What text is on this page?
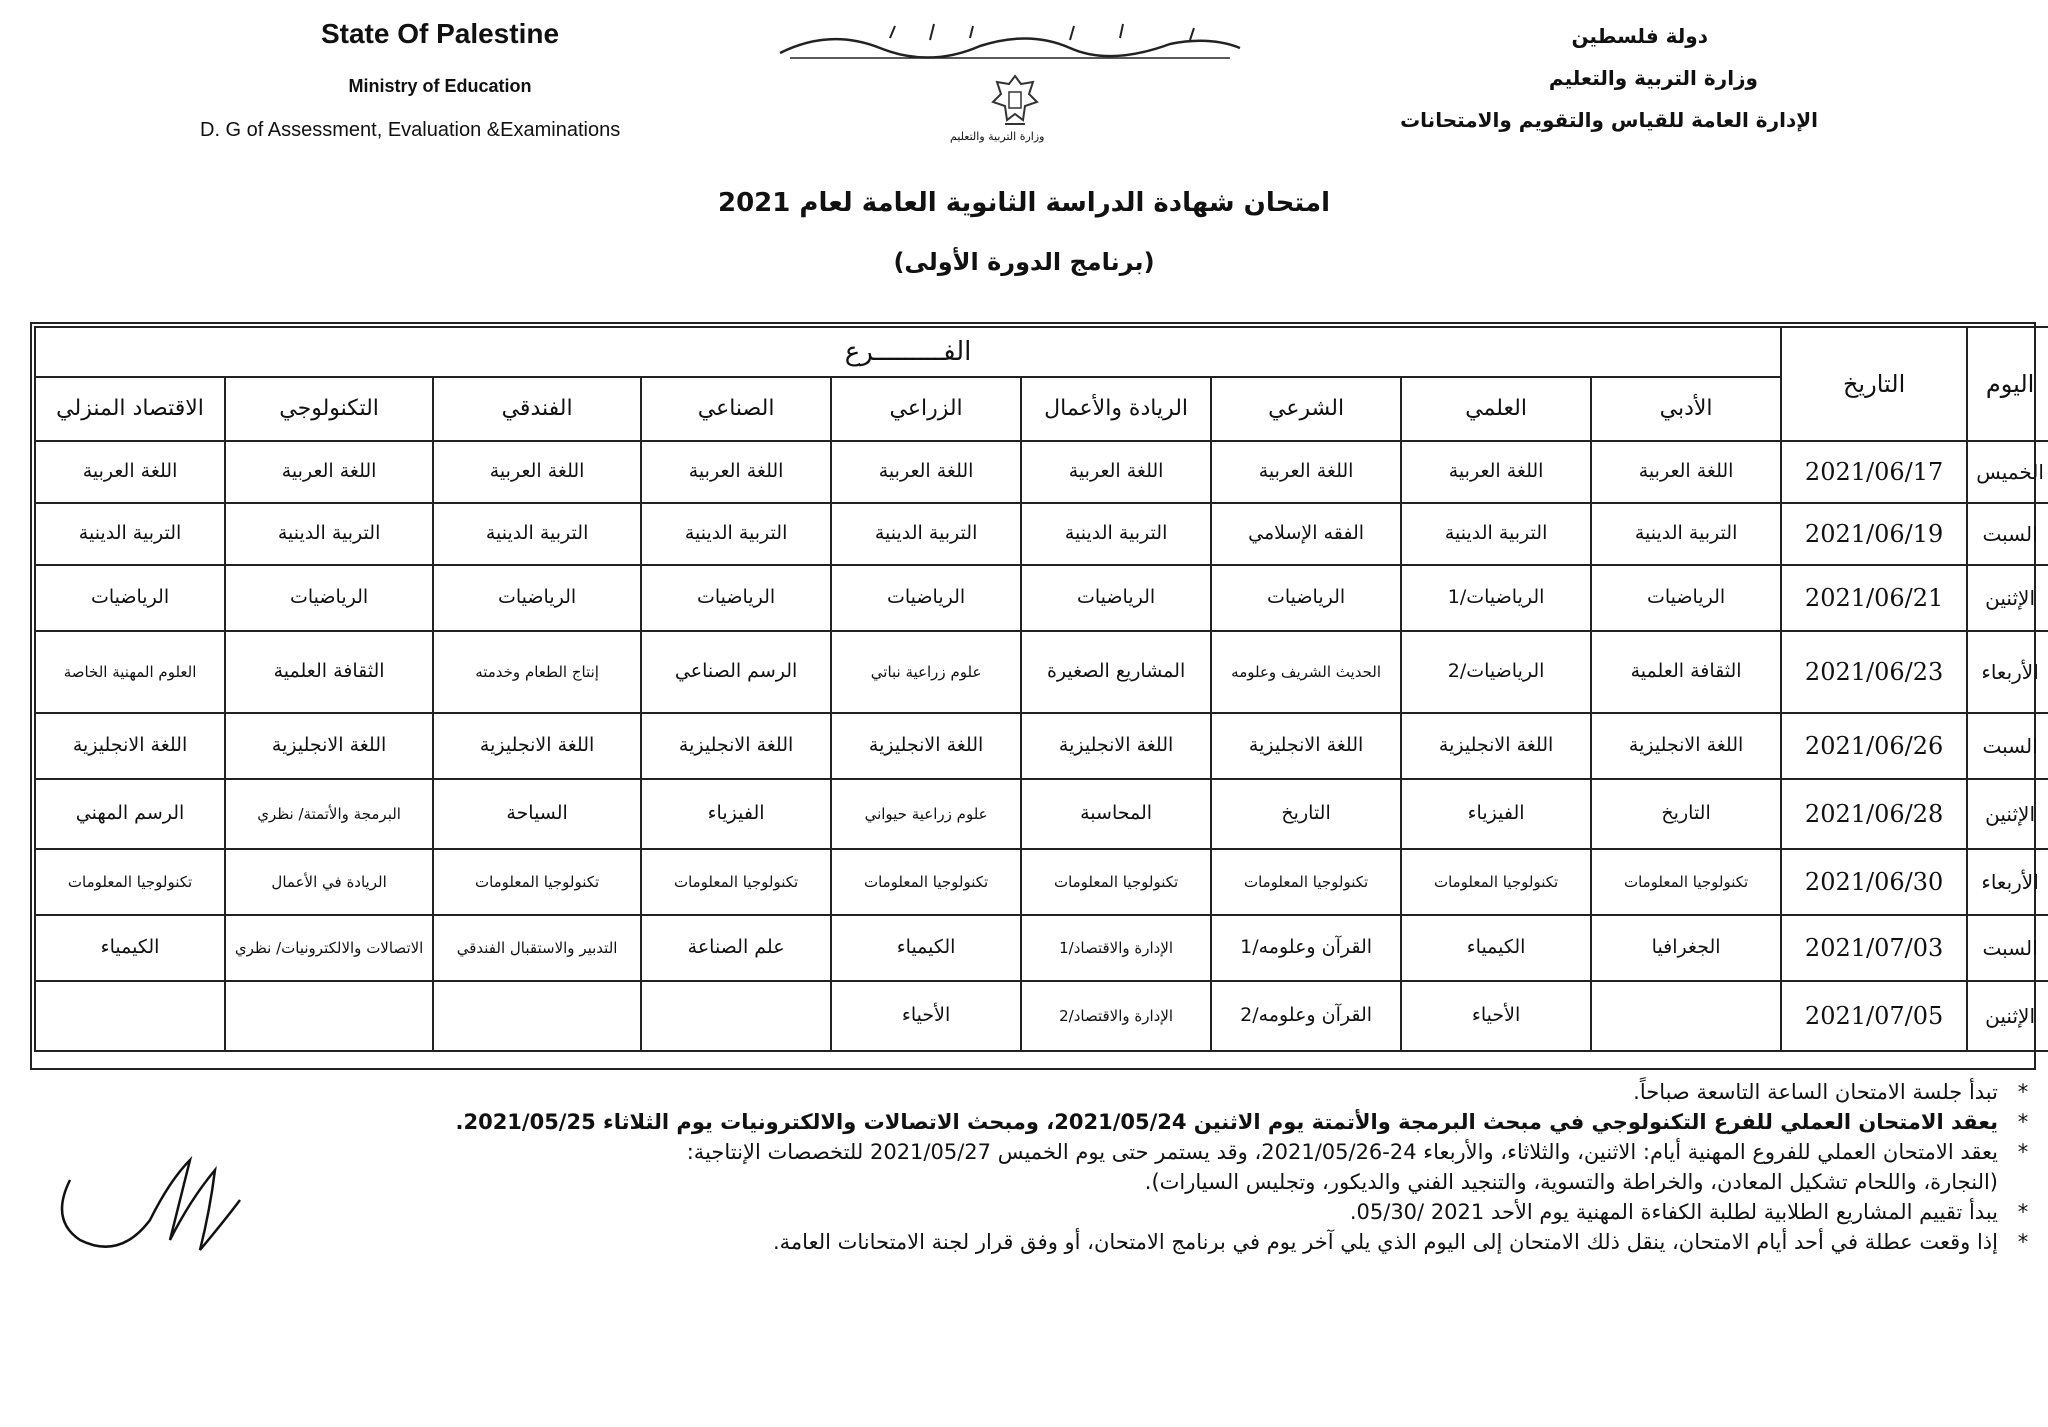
State Of Palestine
Ministry of Education
D. G of Assessment, Evaluation &Examinations	وزارة التربية والتعليم
دولة فلسطين
وزارة التربية والتعليم
الإدارة العامة للقياس والتقويم والامتحانات
امتحان شهادة الدراسة الثانوية العامة لعام 2021
(برنامج الدورة الأولى)
اليوم	التاريخ	الفـــــــــرع								
		الأدبي	العلمي	الشرعي	الريادة والأعمال	الزراعي	الصناعي	الفندقي	التكنولوجي	الاقتصاد المنزلي
الخميس	2021/06/17	اللغة العربية	اللغة العربية	اللغة العربية	اللغة العربية	اللغة العربية	اللغة العربية	اللغة العربية	اللغة العربية	اللغة العربية
السبت	2021/06/19	التربية الدينية	التربية الدينية	الفقه الإسلامي	التربية الدينية	التربية الدينية	التربية الدينية	التربية الدينية	التربية الدينية	التربية الدينية
الإثنين	2021/06/21	الرياضيات	الرياضيات/1	الرياضيات	الرياضيات	الرياضيات	الرياضيات	الرياضيات	الرياضيات	الرياضيات
الأربعاء	2021/06/23	الثقافة العلمية	الرياضيات/2	الحديث الشريف وعلومه	المشاريع الصغيرة	علوم زراعية نباتي	الرسم الصناعي	إنتاج الطعام وخدمته	الثقافة العلمية	العلوم المهنية الخاصة
السبت	2021/06/26	اللغة الانجليزية	اللغة الانجليزية	اللغة الانجليزية	اللغة الانجليزية	اللغة الانجليزية	اللغة الانجليزية	اللغة الانجليزية	اللغة الانجليزية	اللغة الانجليزية
الإثنين	2021/06/28	التاريخ	الفيزياء	التاريخ	المحاسبة	علوم زراعية حيواني	الفيزياء	السياحة	البرمجة والأتمتة/ نظري	الرسم المهني
الأربعاء	2021/06/30	تكنولوجيا المعلومات	تكنولوجيا المعلومات	تكنولوجيا المعلومات	تكنولوجيا المعلومات	تكنولوجيا المعلومات	تكنولوجيا المعلومات	تكنولوجيا المعلومات	الريادة في الأعمال	تكنولوجيا المعلومات
السبت	2021/07/03	الجغرافيا	الكيمياء	القرآن وعلومه/1	الإدارة والاقتصاد/1	الكيمياء	علم الصناعة	التدبير والاستقبال الفندقي	الاتصالات والالكترونيات/ نظري	الكيمياء
الإثنين	2021/07/05		الأحياء	القرآن وعلومه/2	الإدارة والاقتصاد/2	الأحياء				
*
تبدأ جلسة الامتحان الساعة التاسعة صباحاً.
*
يعقد الامتحان العملي للفرع التكنولوجي في مبحث البرمجة والأتمتة يوم الاثنين 2021/05/24، ومبحث الاتصالات والالكترونيات يوم الثلاثاء 2021/05/25.
*
يعقد الامتحان العملي للفروع المهنية أيام: الاثنين، والثلاثاء، والأربعاء 24-2021/05/26، وقد يستمر حتى يوم الخميس 2021/05/27 للتخصصات الإنتاجية:
(النجارة، واللحام تشكيل المعادن، والخراطة والتسوية، والتنجيد الفني والديكور، وتجليس السيارات).
*
يبدأ تقييم المشاريع الطلابية لطلبة الكفاءة المهنية يوم الأحد 2021 /05/30.
*
إذا وقعت عطلة في أحد أيام الامتحان، ينقل ذلك الامتحان إلى اليوم الذي يلي آخر يوم في برنامج الامتحان، أو وفق قرار لجنة الامتحانات العامة.
